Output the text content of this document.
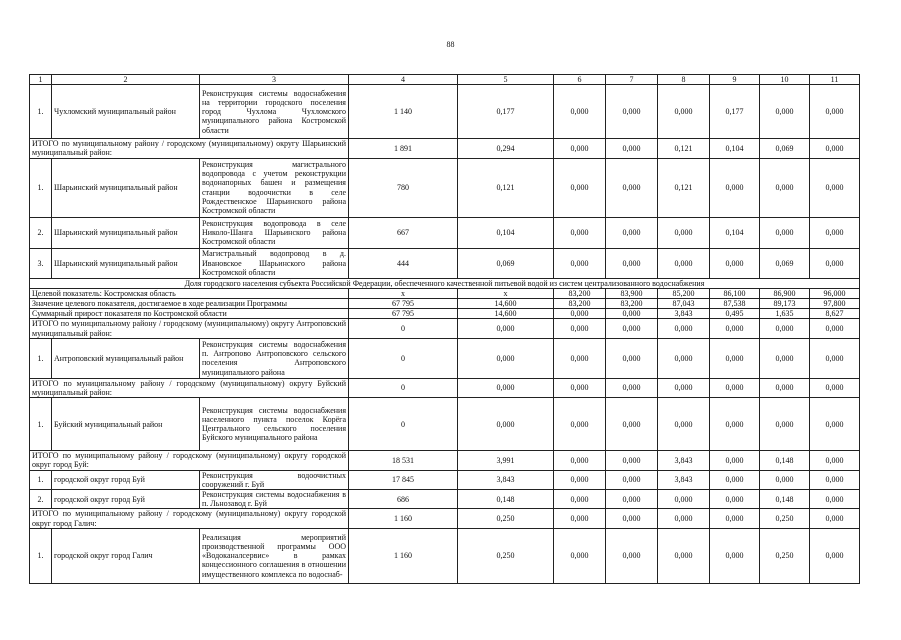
88
1	2	3	4	5	6	7	8	9	10	11
1.	Чухломский муниципальный район	Реконструкция системы водоснабжения на территории городского поселения город Чухлома Чухломского муниципального района Костромской области	1 140	0,177	0,000	0,000	0,000	0,177	0,000	0,000
ИТОГО по муниципальному району / городскому (муниципальному) округу Шарьинский муниципальный район:			1 891	0,294	0,000	0,000	0,121	0,104	0,069	0,000
1.	Шарьинский муниципальный район	Реконструкция магистрального водопровода с учетом реконструкции водонапорных башен и размещения станции водоочистки в селе Рождественское Шарьинского района Костромской области	780	0,121	0,000	0,000	0,121	0,000	0,000	0,000
2.	Шарьинский муниципальный район	Реконструкция водопровода в селе Николо-Шанга Шарьинского района Костромской области	667	0,104	0,000	0,000	0,000	0,104	0,000	0,000
3.	Шарьинский муниципальный район	Магистральный водопровод в д. Ивановское Шарьинского района Костромской области	444	0,069	0,000	0,000	0,000	0,000	0,069	0,000
Доля городского населения субъекта Российской Федерации, обеспеченного качественной питьевой водой из систем централизованного водоснабжения										
Целевой показатель: Костромская область			х	х	83,200	83,900	85,200	86,100	86,900	96,000
Значение целевого показателя, достигаемое в ходе реализации Программы			67 795	14,600	83,200	83,200	87,043	87,538	89,173	97,800
Суммарный прирост показателя по Костромской области			67 795	14,600	0,000	0,000	3,843	0,495	1,635	8,627
ИТОГО по муниципальному району / городскому (муниципальному) округу Антроповский муниципальный район:			0	0,000	0,000	0,000	0,000	0,000	0,000	0,000
1.	Антроповский муниципальный район	Реконструкция системы водоснабжения п. Антропово Антроповского сельского поселения Антроповского муниципального района	0	0,000	0,000	0,000	0,000	0,000	0,000	0,000
ИТОГО по муниципальному району / городскому (муниципальному) округу Буйский муниципальный район:			0	0,000	0,000	0,000	0,000	0,000	0,000	0,000
1.	Буйский муниципальный район	Реконструкция системы водоснабжения населенного пункта поселок Корёга Центрального сельского поселения Буйского муниципального района	0	0,000	0,000	0,000	0,000	0,000	0,000	0,000
ИТОГО по муниципальному району / городскому (муниципальному) округу городской округ город Буй:			18 531	3,991	0,000	0,000	3,843	0,000	0,148	0,000
1.	городской округ город Буй	Реконструкция водоочистных сооружений г. Буй	17 845	3,843	0,000	0,000	3,843	0,000	0,000	0,000
2.	городской округ город Буй	Реконструкция системы водоснабжения в п. Льнозавод г. Буй	686	0,148	0,000	0,000	0,000	0,000	0,148	0,000
ИТОГО по муниципальному району / городскому (муниципальному) округу городской округ город Галич:			1 160	0,250	0,000	0,000	0,000	0,000	0,250	0,000
1.	городской округ город Галич	Реализация мероприятий производственной программы ООО «Водоканалсервис» в рамках концессионного соглашения в отношении имущественного комплекса по водоснаб-	1 160	0,250	0,000	0,000	0,000	0,000	0,250	0,000
